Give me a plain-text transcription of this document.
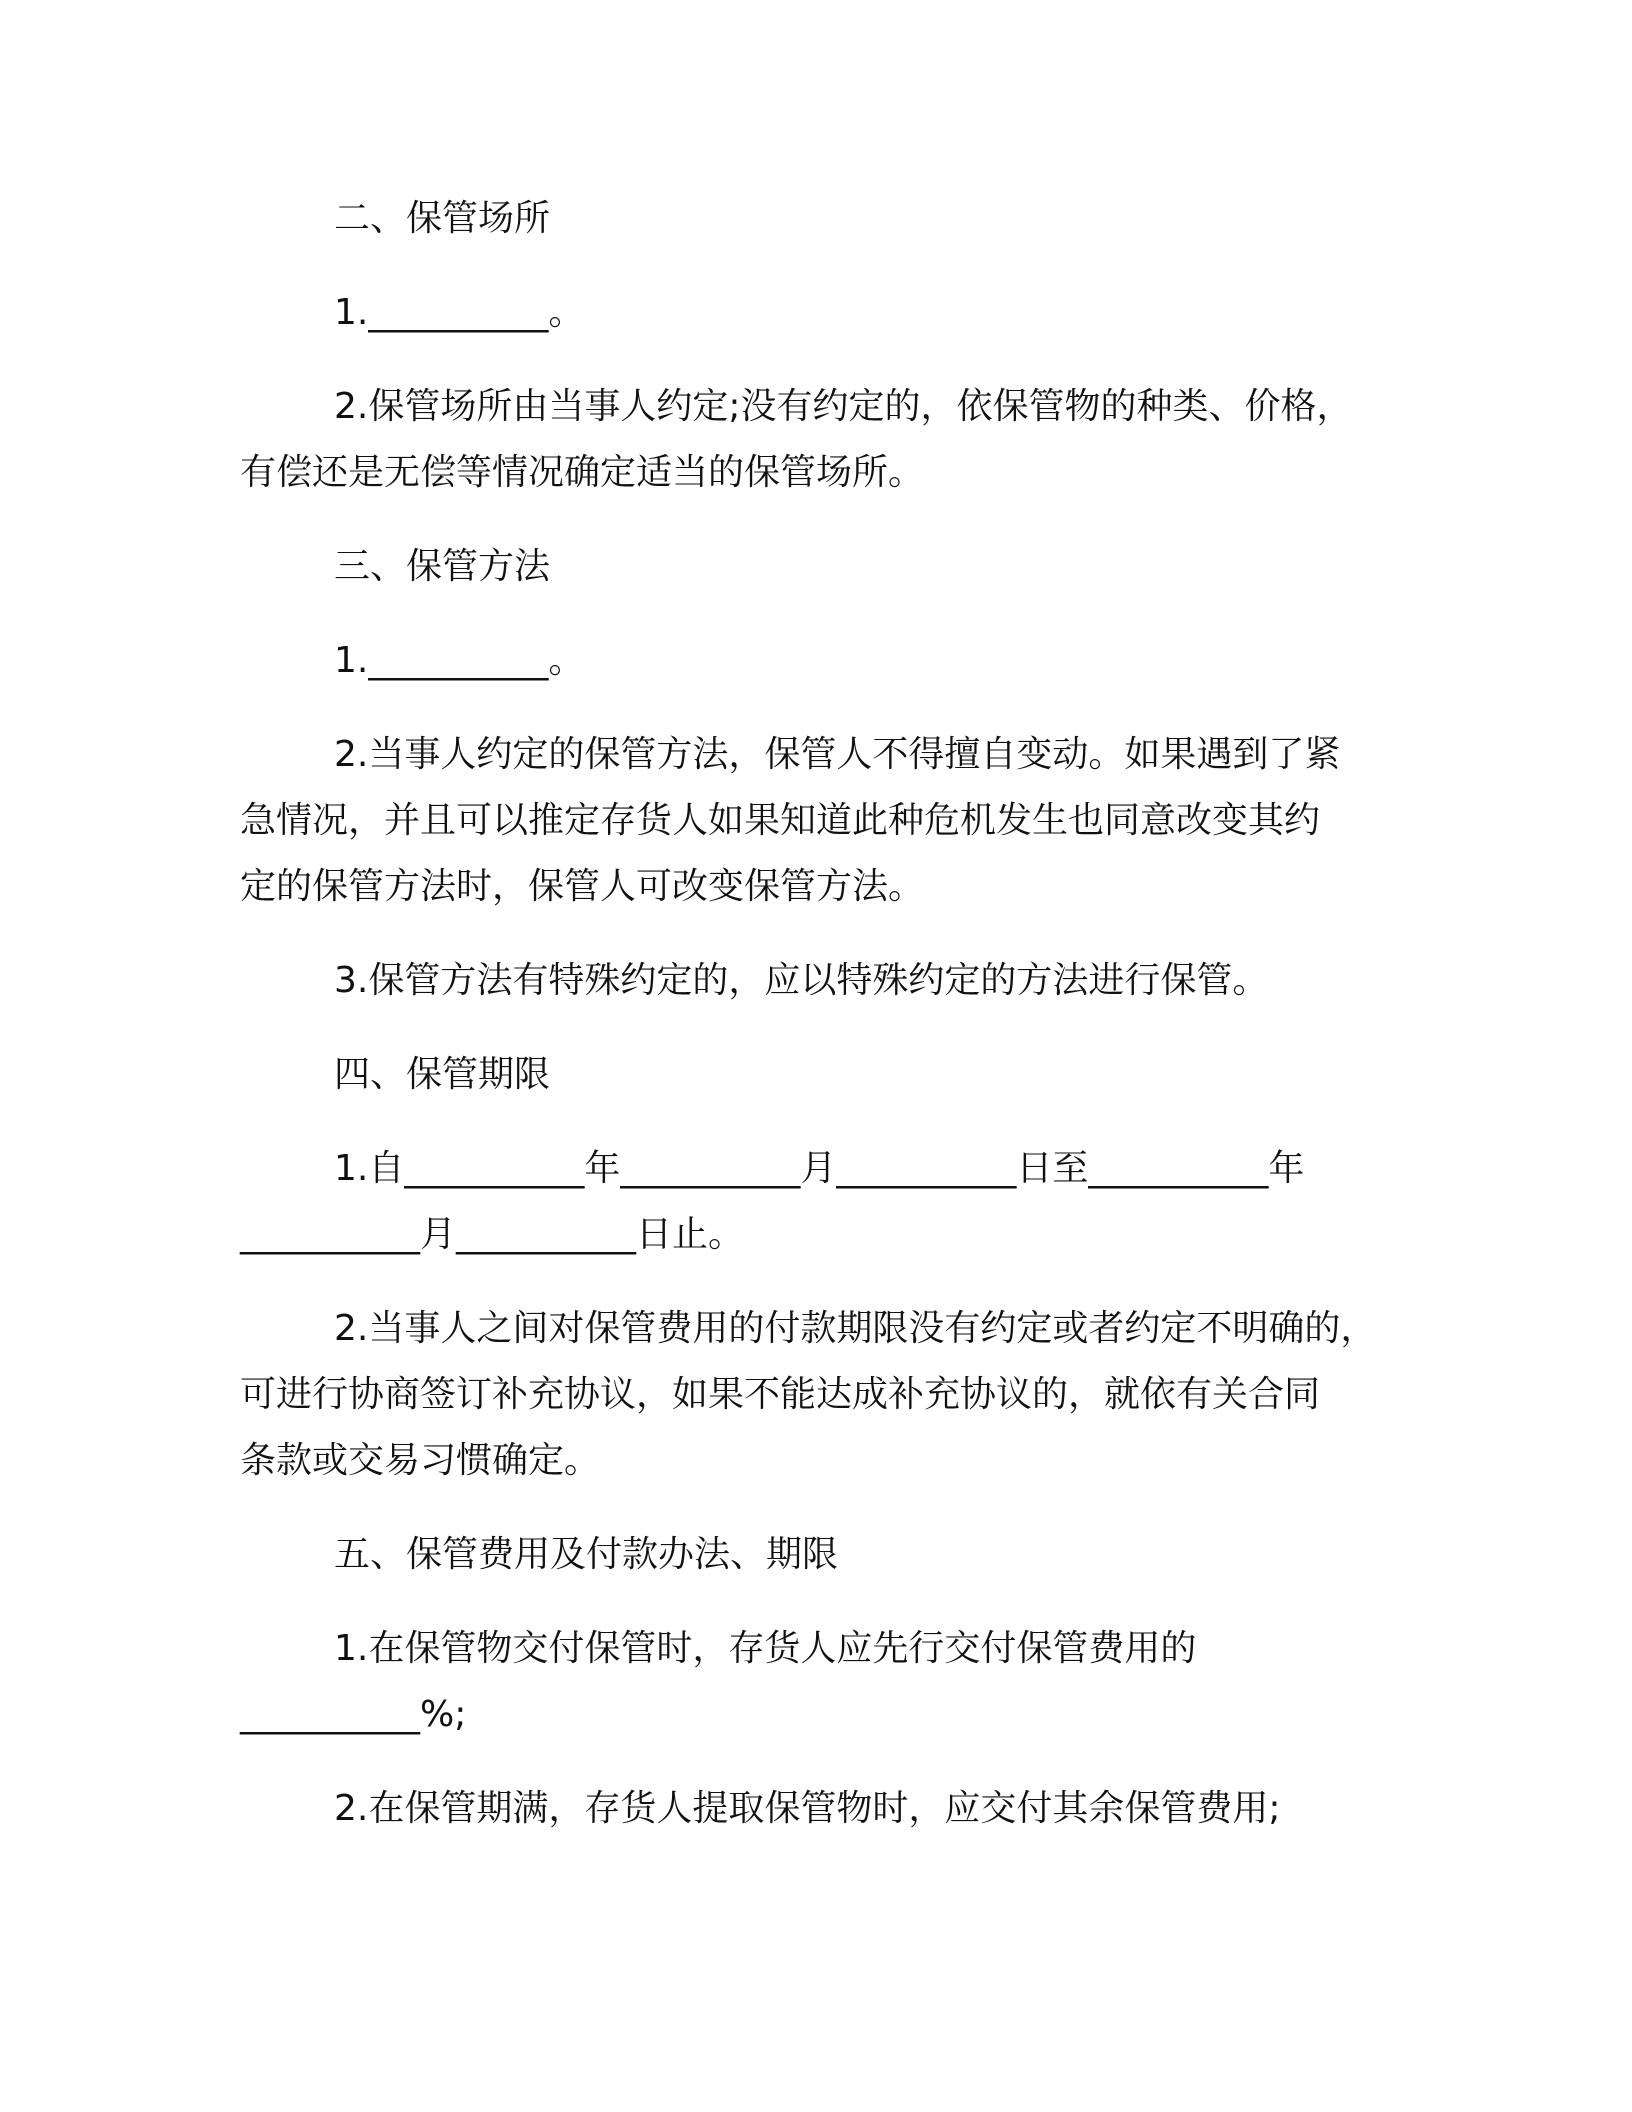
二、保管场所
1.__________。
2.保管场所由当事人约定;没有约定的，依保管物的种类、价格，
有偿还是无偿等情况确定适当的保管场所。
三、保管方法
1.__________。
2.当事人约定的保管方法，保管人不得擅自变动。如果遇到了紧
急情况，并且可以推定存货人如果知道此种危机发生也同意改变其约
定的保管方法时，保管人可改变保管方法。
3.保管方法有特殊约定的，应以特殊约定的方法进行保管。
四、保管期限
1.自__________年__________月__________日至__________年
__________月__________日止。
2.当事人之间对保管费用的付款期限没有约定或者约定不明确的，
可进行协商签订补充协议，如果不能达成补充协议的，就依有关合同
条款或交易习惯确定。
五、保管费用及付款办法、期限
1.在保管物交付保管时，存货人应先行交付保管费用的
__________%;
2.在保管期满，存货人提取保管物时，应交付其余保管费用;
